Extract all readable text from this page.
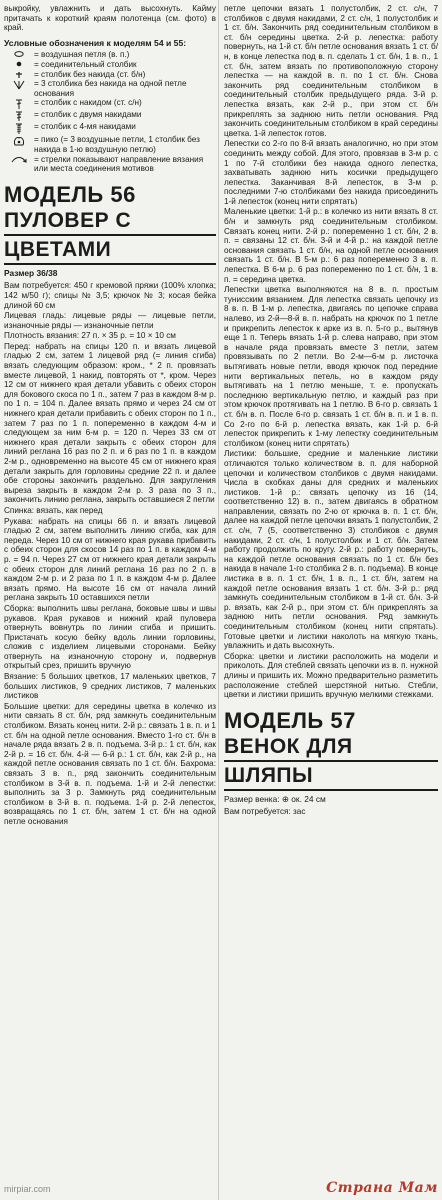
выкройку, увлажнить и дать высохнуть. Кайму притачать к короткий краям полотенца (см. фото) в край.

Условные обозначения к моделям 54 и 55:
= воздушная петля (в. п.)
= соединительный столбик
= столбик без накида (ст. б/н)
= 3 столбика без накида на одной петле основания
= столбик с накидом (ст. с/н)
= столбик с двумя накидами
= столбик с 4-мя накидами
= пико (= 3 воздушные петли, 1 столбик без накида в 1-ю воздушную петлю)
= стрелки показывают направление вязания или места соединения мотивов
МОДЕЛЬ 56
ПУЛОВЕР С
ЦВЕТАМИ
Размер 36/38

Вам потребуется: 450 г кремовой пряжи (100% хлопка; 142 м/50 г); спицы № 3,5; крючок № 3; косая бейка длиной 60 см

Лицевая гладь: лицевые ряды — лицевые петли, изнаночные ряды — изнаночные петли

Плотность вязания: 27 п. × 35 р. = 10 × 10 см

Перед: набрать на спицы 120 п. и вязать лицевой гладью 2 см, затем 1 лицевой ряд (= линия сгиба) вязать следующим образом: кром., * 2 п. провязать вместе лицевой, 1 накид, повторять от *, кром. Через 12 см от нижнего края детали убавить с обеих сторон для бокового скоса по 1 п., затем 7 раз в каждом 8-м р. по 1 п. = 104 п. Далее вязать прямо и через 24 см от нижнего края детали прибавить с обеих сторон по 1 п., затем 7 раз по 1 п. попеременно в каждом 4-м и следующем за ним 6-м р. = 120 п. Через 33 см от нижнего края детали закрыть с обеих сторон для линий реглана 16 раз по 2 п. и 6 раз по 1 п. в каждом 2-м р., одновременно на высоте 45 см от нижнего края детали закрыть для горловины средние 22 п. и далее обе стороны закончить раздельно. Для закругления выреза закрыть в каждом 2-м р. 3 раза по 3 п., закончить линию реглана, закрыть оставшиеся 2 петли

Спинка: вязать, как перед

Рукава: набрать на спицы 66 п. и вязать лицевой гладью 2 см, затем выполнить линию сгиба, как для переда. Через 10 см от нижнего края рукава прибавить с обеих сторон для скосов 14 раз по 1 п. в каждом 4-м р. = 94 п. Через 27 см от нижнего края детали закрыть с обеих сторон для линий реглана 16 раз по 2 п. в каждом 2-м р. и 2 раза по 1 п. в каждом 4-м р. Далее вязать прямо. На высоте 16 см от начала линий реглана закрыть 10 оставшихся петли

Сборка: выполнить швы реглана, боковые швы и швы рукавов. Края рукавов и нижний край пуловера отвернуть вовнутрь по линии сгиба и пришить. Пристачать косую бейку вдоль линии горловины, сложив с изделием лицевыми сторонами. Бейку отвернуть на изнаночную сторону и, подвернув открытый срез, пришить вручную

Вязание: 5 больших цветков, 17 маленьких цветков, 7 больших листиков, 9 средних листиков, 7 маленьких листиков

Большие цветки: для середины цветка в колечко из нити связать 8 ст. б/н, ряд замкнуть соединительным столбиком. Вязать конец нити. 2-й р.: связать 1 в. п. и 1 ст. б/н на одной петле основания. Вместо 1-го ст. б/н в начале ряда вязать 2 в. п. подъема. 3-й р.: 1 ст. б/н, как 2-й р. = 16 ст. б/н. 4-й — 6-й р.: 1 ст. б/н, как 2-й р., на каждой петле основания связать по 1 ст. б/н. Бахрома: связать 3 в. п., ряд закончить соединительным столбиком в 3-й в. п. подъема. 1-й и 2-й лепестки: выполнить за 3 р. Замкнуть ряд соединительным столбиком в 3-й в. п. подъема. 1-й р. 2-й лепесток, возвращаясь по 1 ст. б/н, затем 1 ст. б/н на одной петле основания

петле цепочки вязать 1 полустолбик, 2 ст. с/н, 7 столбиков с двумя накидами, 2 ст. с/н, 1 полустолбик и 1 ст. б/н. Закончить ряд соединительным столбиком в ст. б/н середины цветка. 2-й р. лепестка: работу повернуть, на 1-й ст. б/н петле основания вязать 1 ст. б/н, в конце лепестка под в. п. сделать 1 ст. б/н, 1 в. п., 1 ст. б/н, затем вязать по противоположную сторону лепестка — на каждой в. п. по 1 ст. б/н. Снова закончить ряд соединительным столбиком в соединительный столбик предыдущего ряда. 3-й р. лепестка вязать, как 2-й р., при этом ст. б/н прикреплять за заднюю нить петли основания. Ряд закончить соединительным столбиком в край середины цветка. 1-й лепесток готов.

Лепестки со 2-го по 8-й вязать аналогично, но при этом соединить между собой. Для этого, провязав в 3-м р. с 1 по 7-й столбики без накида одного лепестка, захватывать заднюю нить косички предыдущего лепестка. Заканчивая 8-й лепесток, в 3-м р. последними 7-ю столбиками без накида присоединить 1-й лепесток (конец нити спрятать)

Маленькие цветки: 1-й р.: в колечко из нити вязать 8 ст. б/н и замкнуть ряд соединительным столбиком. Связать конец нити. 2-й р.: попеременно 1 ст. б/н, 2 в. п. = связаны 12 ст. б/н. 3-й и 4-й р.: на каждой петле основания связать 1 ст. б/н, на одной петле основания связать 1 ст. б/н. В 5-м р.: 6 раз попеременно 3 в. п. лепестка. В 6-м р. 6 раз попеременно по 1 ст. б/н, 1 в. п. = середина цветка.

Лепестки цветка выполняются на 8 в. п. простым тунисским вязанием. Для лепестка связать цепочку из 8 в. п. В 1-м р. лепестка, двигаясь по цепочке справа налево, из 2-й—8-й в. п. набрать на крючок по 1 петле и прикрепить лепесток к арке из в. п. 5-го р., вытянув еще 1 п. Теперь вязать 1-й р. слева направо, при этом в начале ряда провязать вместе 3 петли, затем провязывать по 2 петли. Во 2-м—6-м р. листочка вытягивать новые петли, вводя крючок под передние нити вертикальных петель, но в каждом ряду вытягивать на 1 петлю меньше, т. е. пропускать последнюю вертикальную петлю, и каждый раз при этом крючок протягивать на 1 петлю. В 6-го р. связать 1 ст. б/н в. п. После 6-го р. связать 1 ст. б/н в. п. и 1 в. п. Со 2-го по 6-й р. лепестка вязать, как 1-й р. 6-й лепесток прикрепить к 1-му лепестку соединительным столбиком (конец нити спрятать)

Листики: большие, средние и маленькие листики отличаются только количеством в. п. для наборной цепочки и количеством столбиков с двумя накидами. Числа в скобках даны для средних и маленьких листиков. 1-й р.: связать цепочку из 16 (14, соответственно 12) в. п., затем двигаясь в обратном направлении, связать по 2-ю от крючка в. п. 1 ст. б/н, далее на каждой петле цепочки вязать 1 полустолбик, 2 ст. с/н, 7 (5, соответственно 3) столбиков с двумя накидами, 2 ст. с/н, 1 полустолбик и 1 ст. б/н. Затем работу продолжить по кругу. 2-й р.: работу повернуть, на каждой петле основания связать по 1 ст. б/н без накида в начале 1-го столбика 2 в. п. подъема). В конце листика в в. п. 1 ст. б/н, 1 в. п., 1 ст. б/н, затем на каждой петле основания вязать 1 ст. б/н. 3-й р.: ряд замкнуть соединительным столбиком в 1-й ст. б/н. 3-й р. вязать, как 2-й р., при этом ст. б/н прикреплять за заднюю нить петли основания. Ряд замкнуть соединительным столбиком (конец нити спрятать). Готовые цветки и листики наколоть на мягкую ткань, увлажнить и дать высохнуть.

Сборка: цветки и листики расположить на модели и приколоть. Для стеблей связать цепочки из в. п. нужной длины и пришить их. Можно предварительно разметить расположение стеблей шерстяной нитью. Стебли, цветки и листики пришить вручную мелкими стежками.

МОДЕЛЬ 57
ВЕНОК ДЛЯ
ШЛЯПЫ
Размер венка: ⊕ ок. 24 см

Вам потребуется: зас

mirpiar.com	Страна Мам
